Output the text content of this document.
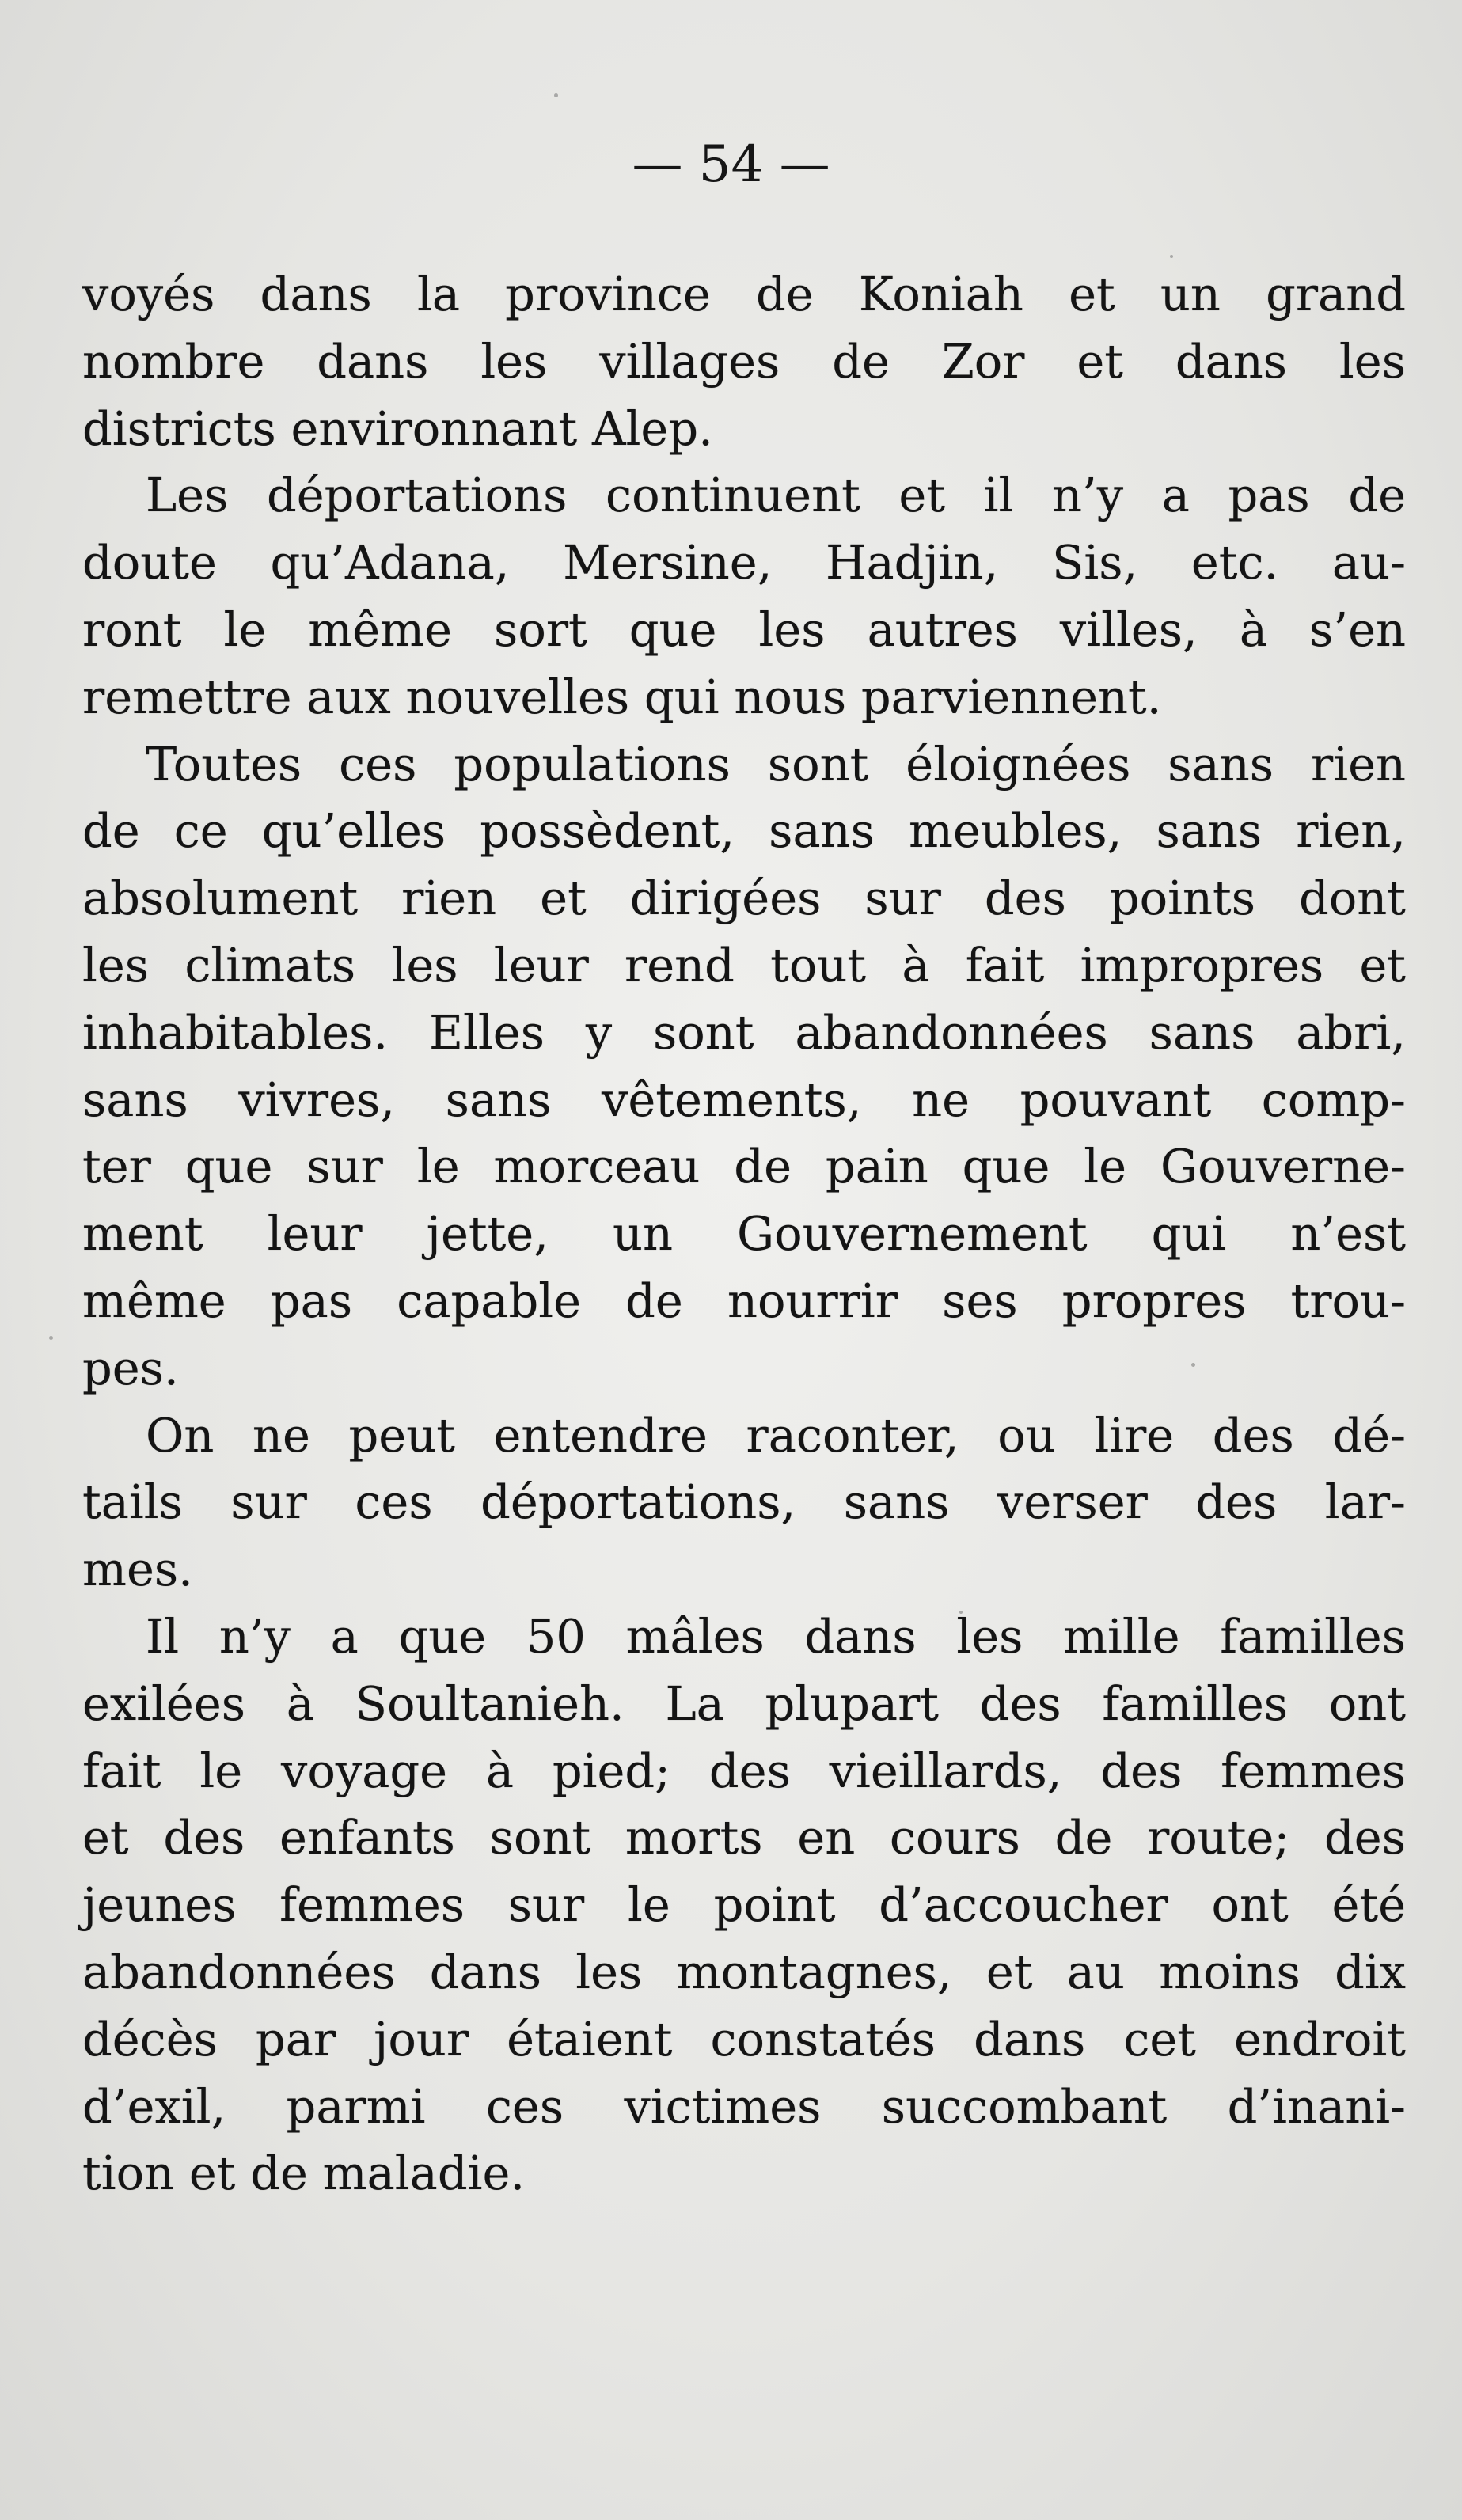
— 54 —
voyés dans la province de Koniah et un grand
nombre dans les villages de Zor et dans les
districts environnant Alep.
Les déportations continuent et il n’y a pas de
doute qu’Adana, Mersine, Hadjin, Sis, etc. au-
ront le même sort que les autres villes, à s’en
remettre aux nouvelles qui nous parviennent.
Toutes ces populations sont éloignées sans rien
de ce qu’elles possèdent, sans meubles, sans rien,
absolument rien et dirigées sur des points dont
les climats les leur rend tout à fait impropres et
inhabitables. Elles y sont abandonnées sans abri,
sans vivres, sans vêtements, ne pouvant comp-
ter que sur le morceau de pain que le Gouverne-
ment leur jette, un Gouvernement qui n’est
même pas capable de nourrir ses propres trou-
pes.
On ne peut entendre raconter, ou lire des dé-
tails sur ces déportations, sans verser des lar-
mes.
Il n’y a que 50 mâles dans les mille familles
exilées à Soultanieh. La plupart des familles ont
fait le voyage à pied; des vieillards, des femmes
et des enfants sont morts en cours de route; des
jeunes femmes sur le point d’accoucher ont été
abandonnées dans les montagnes, et au moins dix
décès par jour étaient constatés dans cet endroit
d’exil, parmi ces victimes succombant d’inani-
tion et de maladie.
